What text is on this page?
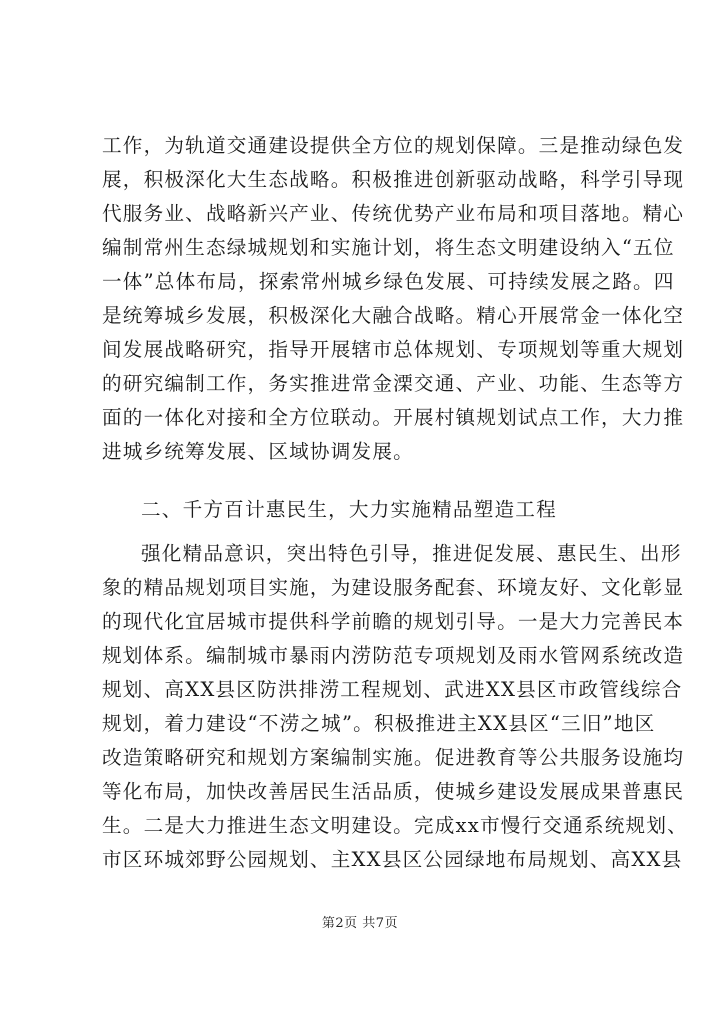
工作，为轨道交通建设提供全方位的规划保障。三是推动绿色发
展，积极深化大生态战略。积极推进创新驱动战略，科学引导现
代服务业、战略新兴产业、传统优势产业布局和项目落地。精心
编制常州生态绿城规划和实施计划，将生态文明建设纳入“五位
一体”总体布局，探索常州城乡绿色发展、可持续发展之路。四
是统筹城乡发展，积极深化大融合战略。精心开展常金一体化空
间发展战略研究，指导开展辖市总体规划、专项规划等重大规划
的研究编制工作，务实推进常金溧交通、产业、功能、生态等方
面的一体化对接和全方位联动。开展村镇规划试点工作，大力推
进城乡统筹发展、区域协调发展。
二、千方百计惠民生，大力实施精品塑造工程
强化精品意识，突出特色引导，推进促发展、惠民生、出形
象的精品规划项目实施，为建设服务配套、环境友好、文化彰显
的现代化宜居城市提供科学前瞻的规划引导。一是大力完善民本
规划体系。编制城市暴雨内涝防范专项规划及雨水管网系统改造
规划、高XX县区防洪排涝工程规划、武进XX县区市政管线综合
规划，着力建设“不涝之城”。积极推进主XX县区“三旧”地区
改造策略研究和规划方案编制实施。促进教育等公共服务设施均
等化布局，加快改善居民生活品质，使城乡建设发展成果普惠民
生。二是大力推进生态文明建设。完成xx市慢行交通系统规划、
市区环城郊野公园规划、主XX县区公园绿地布局规划、高XX县
第2页 共7页
